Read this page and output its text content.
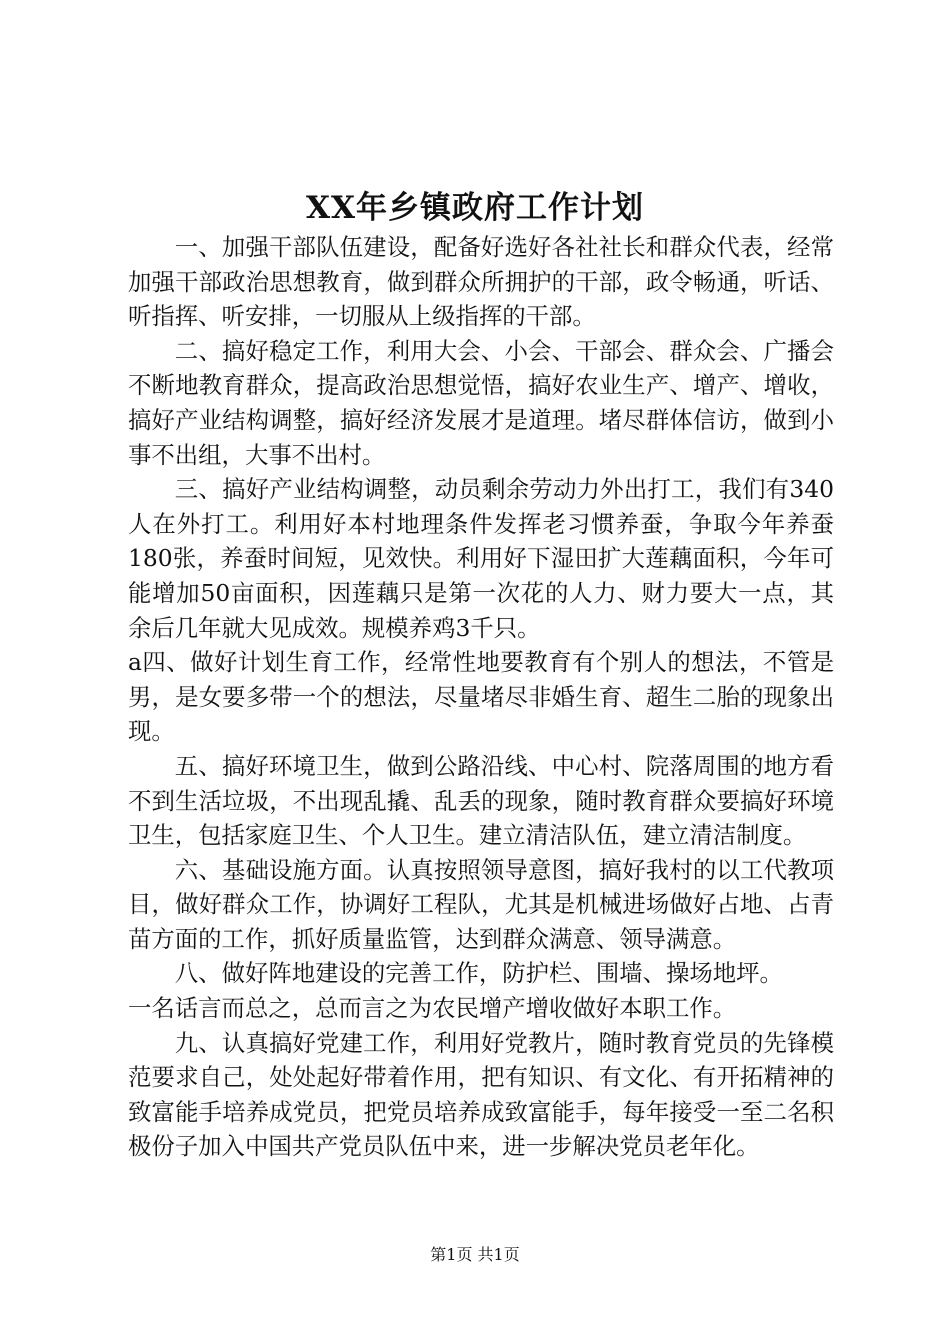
XX年乡镇政府工作计划

一、加强干部队伍建设，配备好选好各社社长和群众代表，经常加强干部政治思想教育，做到群众所拥护的干部，政令畅通，听话、听指挥、听安排，一切服从上级指挥的干部。

二、搞好稳定工作，利用大会、小会、干部会、群众会、广播会不断地教育群众，提高政治思想觉悟，搞好农业生产、增产、增收，搞好产业结构调整，搞好经济发展才是道理。堵尽群体信访，做到小事不出组，大事不出村。

三、搞好产业结构调整，动员剩余劳动力外出打工，我们有340人在外打工。利用好本村地理条件发挥老习惯养蚕，争取今年养蚕180张，养蚕时间短，见效快。利用好下湿田扩大莲藕面积，今年可能增加50亩面积，因莲藕只是第一次花的人力、财力要大一点，其余后几年就大见成效。规模养鸡3千只。

a四、做好计划生育工作，经常性地要教育有个别人的想法，不管是男，是女要多带一个的想法，尽量堵尽非婚生育、超生二胎的现象出现。

五、搞好环境卫生，做到公路沿线、中心村、院落周围的地方看不到生活垃圾，不出现乱撬、乱丢的现象，随时教育群众要搞好环境卫生，包括家庭卫生、个人卫生。建立清洁队伍，建立清洁制度。

六、基础设施方面。认真按照领导意图，搞好我村的以工代教项目，做好群众工作，协调好工程队，尤其是机械进场做好占地、占青苗方面的工作，抓好质量监管，达到群众满意、领导满意。

八、做好阵地建设的完善工作，防护栏、围墙、操场地坪。

一名话言而总之，总而言之为农民增产增收做好本职工作。

九、认真搞好党建工作，利用好党教片，随时教育党员的先锋模范要求自己，处处起好带着作用，把有知识、有文化、有开拓精神的致富能手培养成党员，把党员培养成致富能手，每年接受一至二名积极份子加入中国共产党员队伍中来，进一步解决党员老年化。

第1页 共1页
